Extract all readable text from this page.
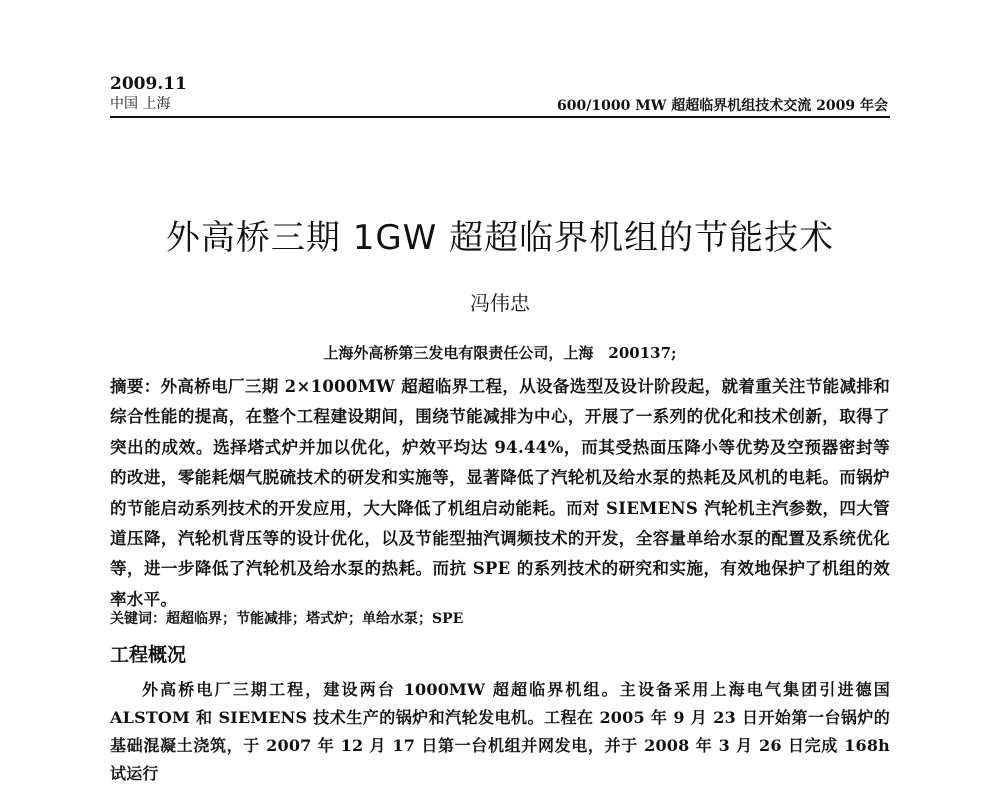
2009.11
中国 上海	600/1000 MW 超超临界机组技术交流 2009 年会
外高桥三期 1GW 超超临界机组的节能技术
冯伟忠
上海外高桥第三发电有限责任公司，上海　200137;
摘要：外高桥电厂三期 2×1000MW 超超临界工程，从设备选型及设计阶段起，就着重关注节能减排和综合性能的提高，在整个工程建设期间，围绕节能减排为中心，开展了一系列的优化和技术创新，取得了突出的成效。选择塔式炉并加以优化，炉效平均达 94.44%，而其受热面压降小等优势及空预器密封等的改进，零能耗烟气脱硫技术的研发和实施等，显著降低了汽轮机及给水泵的热耗及风机的电耗。而锅炉的节能启动系列技术的开发应用，大大降低了机组启动能耗。而对 SIEMENS 汽轮机主汽参数，四大管道压降，汽轮机背压等的设计优化，以及节能型抽汽调频技术的开发，全容量单给水泵的配置及系统优化等，进一步降低了汽轮机及给水泵的热耗。而抗 SPE 的系列技术的研究和实施，有效地保护了机组的效率水平。
关键词：超超临界；节能减排；塔式炉；单给水泵；SPE
工程概况
外高桥电厂三期工程，建设两台 1000MW 超超临界机组。主设备采用上海电气集团引进德国 ALSTOM 和 SIEMENS 技术生产的锅炉和汽轮发电机。工程在 2005 年 9 月 23 日开始第一台锅炉的基础混凝土浇筑，于 2007 年 12 月 17 日第一台机组并网发电，并于 2008 年 3 月 26 日完成 168h 试运行
